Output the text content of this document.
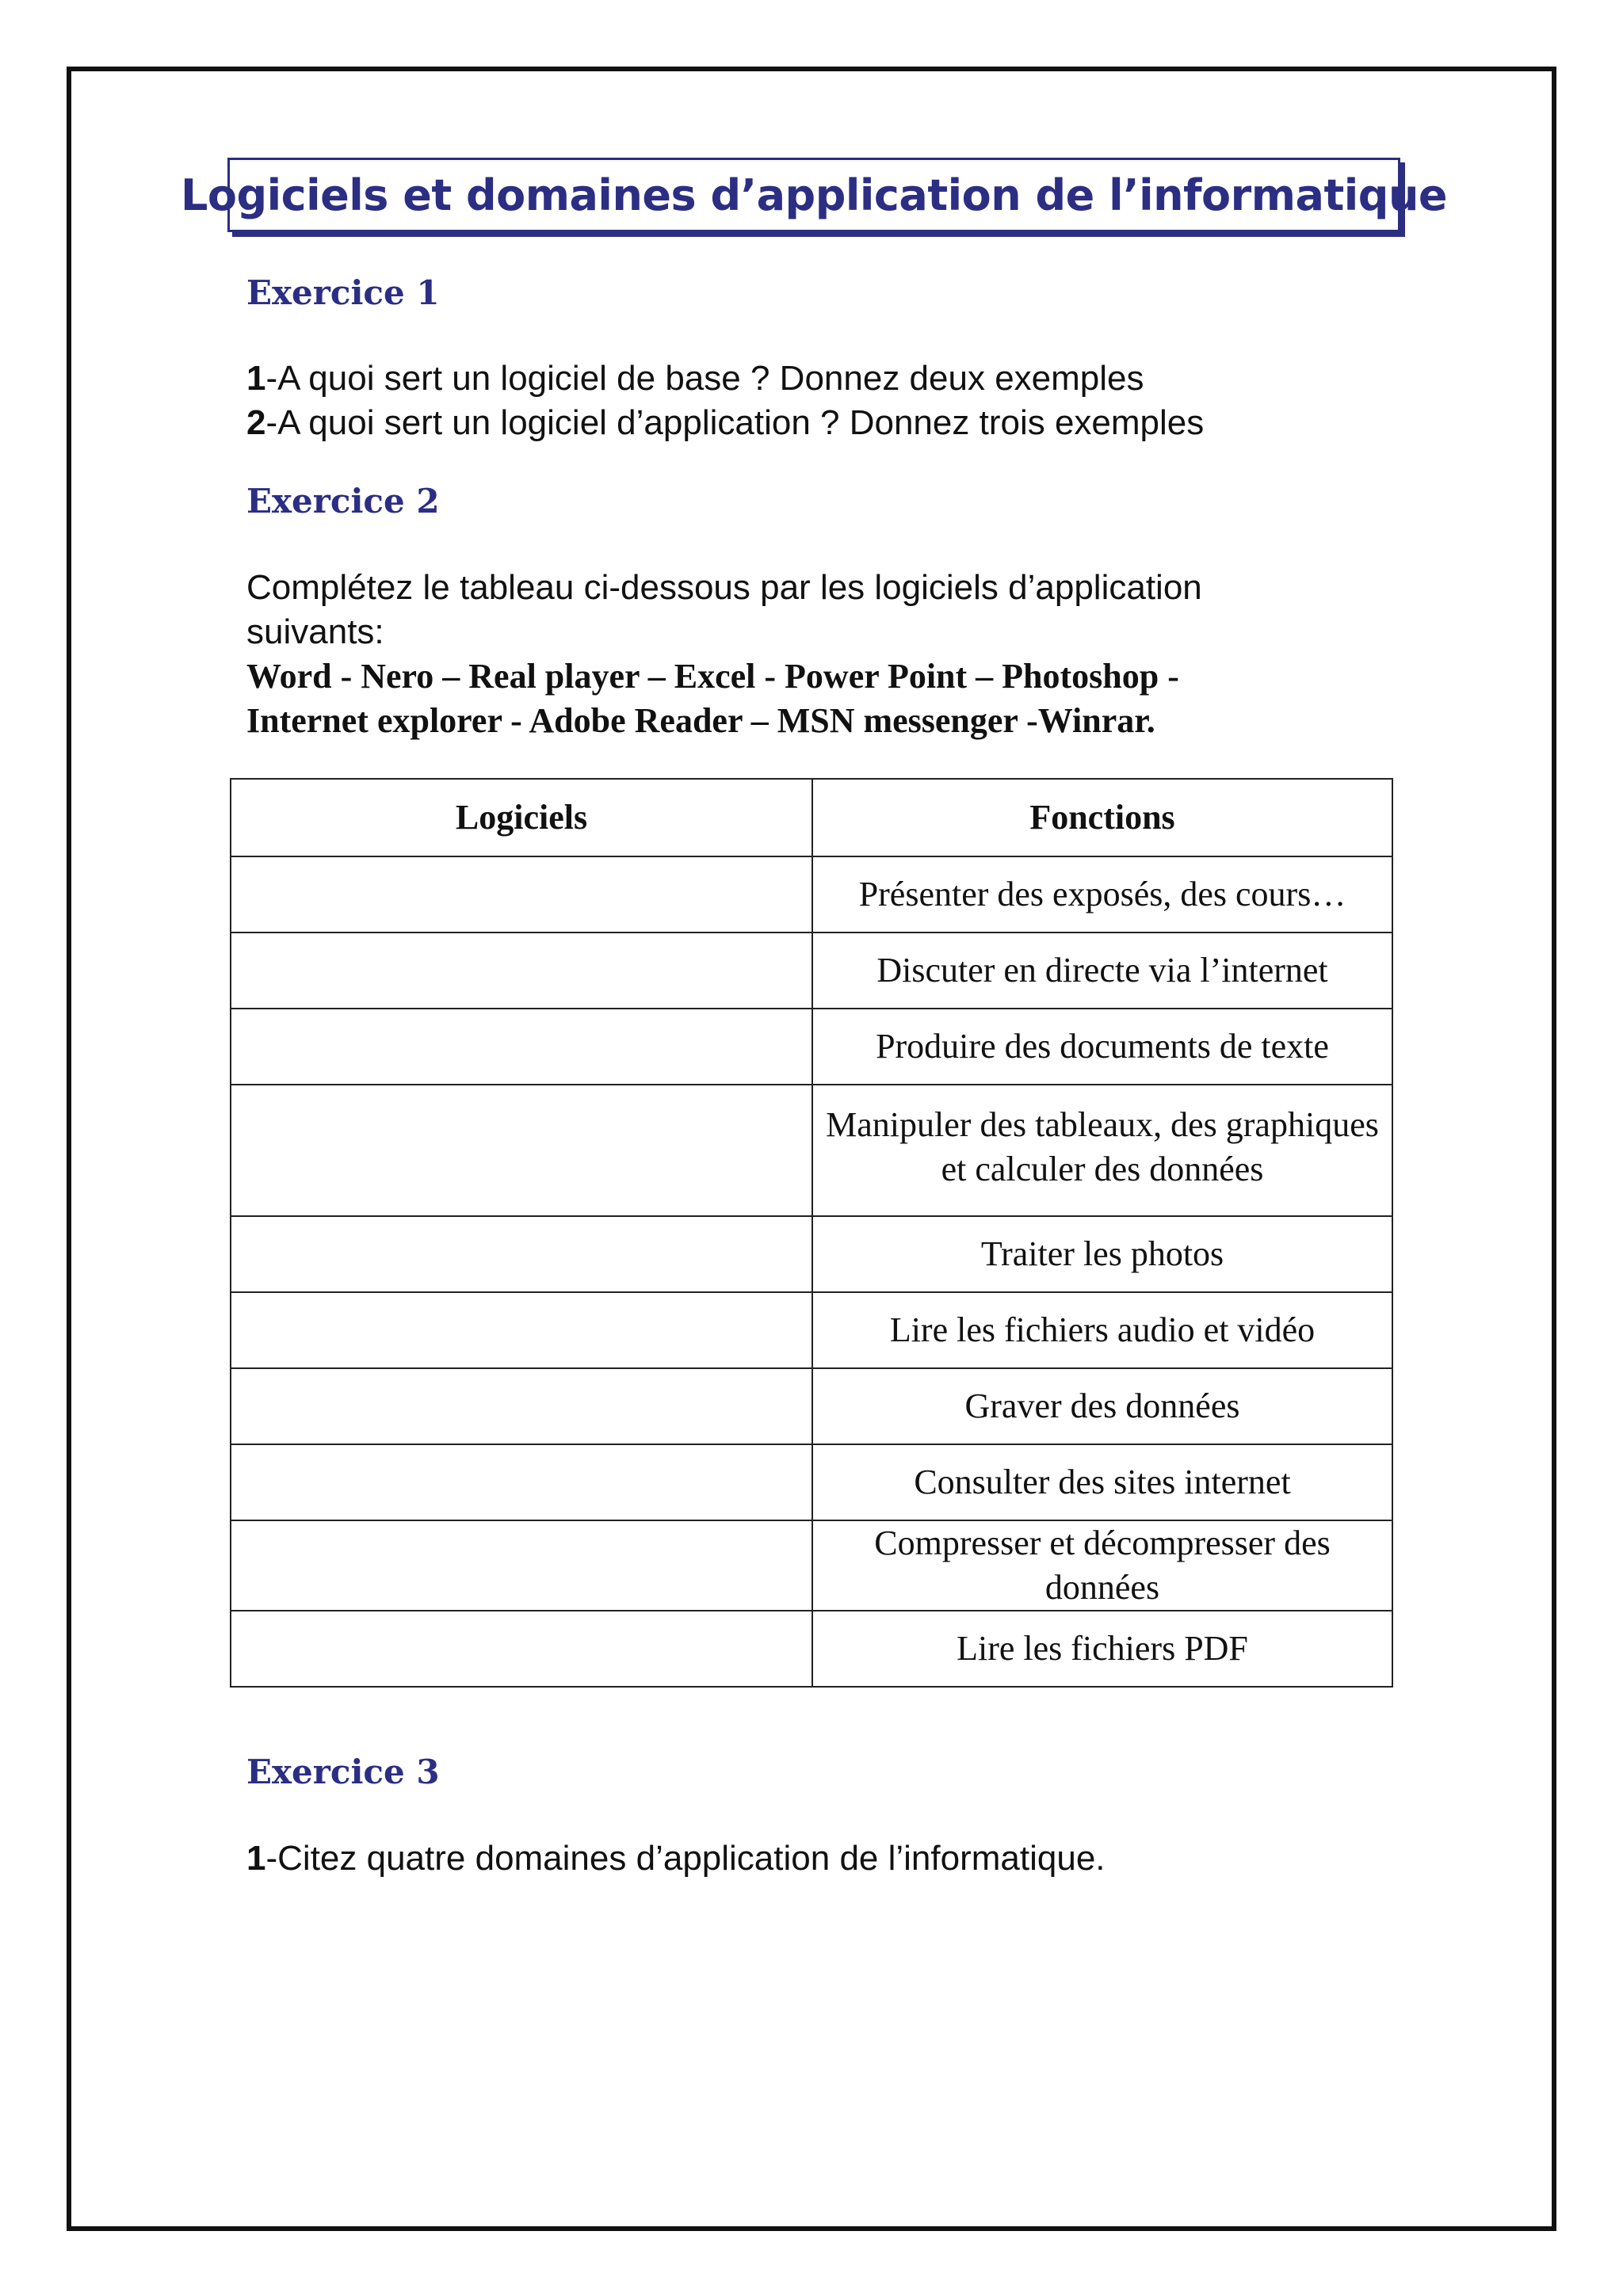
Logiciels et domaines d’application de l’informatique
Exercice 1
1-A quoi sert un logiciel de base ? Donnez deux exemples
2-A quoi sert un logiciel d’application ? Donnez trois exemples
Exercice 2
Complétez le tableau ci-dessous par les logiciels d’application suivants:
Word - Nero – Real player – Excel - Power Point – Photoshop -
Internet explorer - Adobe Reader – MSN messenger -Winrar.
Logiciels	Fonctions
	Présenter des exposés, des cours…
	Discuter en directe via l’internet
	Produire des documents de texte
	Manipuler des tableaux, des graphiques et calculer des données
	Traiter les photos
	Lire les fichiers audio et vidéo
	Graver des données
	Consulter des sites internet
	Compresser et décompresser des données
	Lire les fichiers PDF
Exercice 3
1-Citez quatre domaines d’application de l’informatique.
